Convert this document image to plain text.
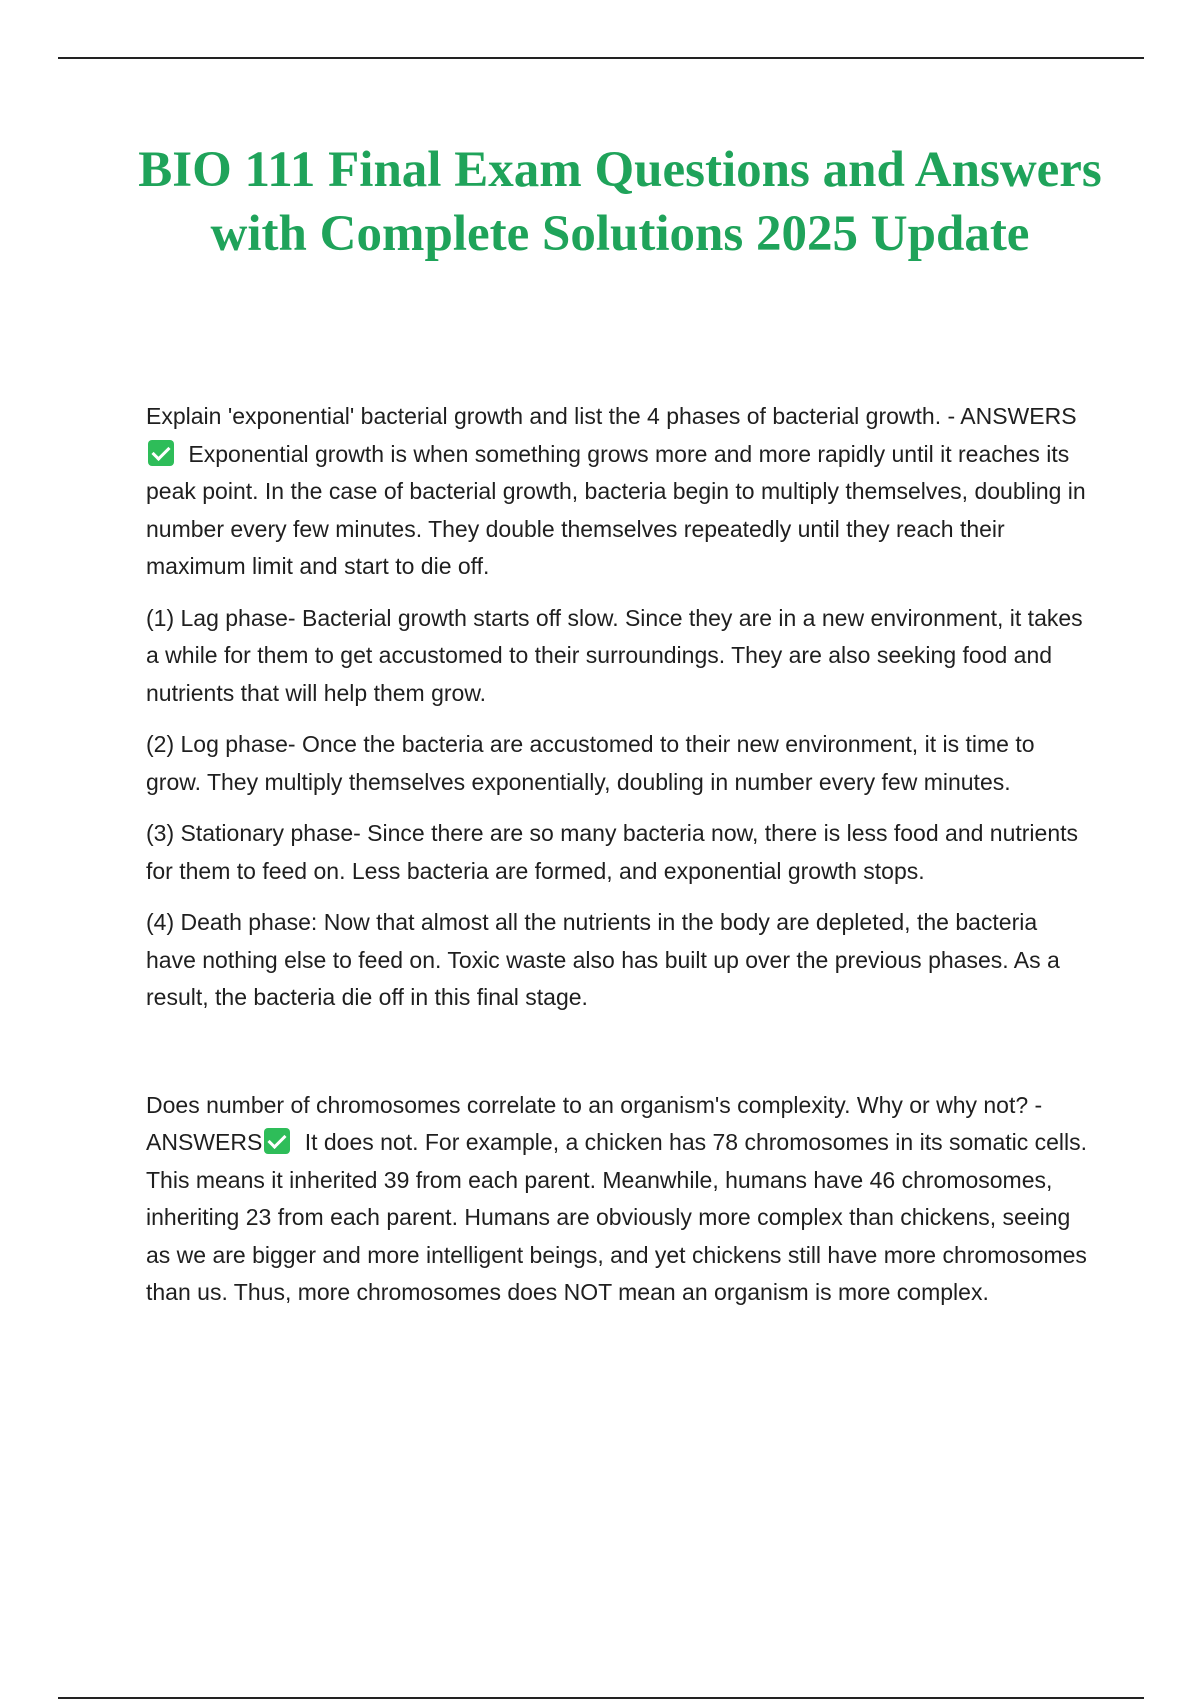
BIO 111 Final Exam Questions and Answers with Complete Solutions 2025 Update

Explain 'exponential' bacterial growth and list the 4 phases of bacterial growth. - ANSWERS Exponential growth is when something grows more and more rapidly until it reaches its peak point. In the case of bacterial growth, bacteria begin to multiply themselves, doubling in number every few minutes. They double themselves repeatedly until they reach their maximum limit and start to die off.

(1) Lag phase- Bacterial growth starts off slow. Since they are in a new environment, it takes a while for them to get accustomed to their surroundings. They are also seeking food and nutrients that will help them grow.

(2) Log phase- Once the bacteria are accustomed to their new environment, it is time to grow. They multiply themselves exponentially, doubling in number every few minutes.

(3) Stationary phase- Since there are so many bacteria now, there is less food and nutrients for them to feed on. Less bacteria are formed, and exponential growth stops.

(4) Death phase: Now that almost all the nutrients in the body are depleted, the bacteria have nothing else to feed on. Toxic waste also has built up over the previous phases. As a result, the bacteria die off in this final stage.

Does number of chromosomes correlate to an organism's complexity. Why or why not? - ANSWERS It does not. For example, a chicken has 78 chromosomes in its somatic cells. This means it inherited 39 from each parent. Meanwhile, humans have 46 chromosomes, inheriting 23 from each parent. Humans are obviously more complex than chickens, seeing as we are bigger and more intelligent beings, and yet chickens still have more chromosomes than us. Thus, more chromosomes does NOT mean an organism is more complex.
